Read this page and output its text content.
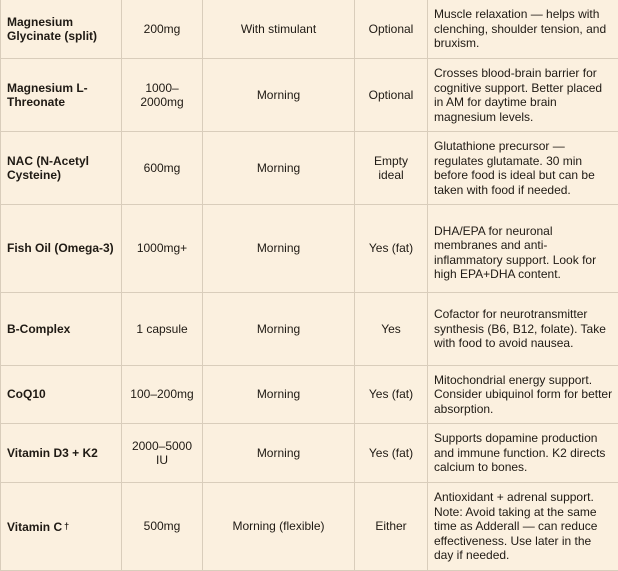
Magnesium Glycinate (split)	200mg	With stimulant	Optional	Muscle relaxation — helps with clenching, shoulder tension, and bruxism.
Magnesium L-Threonate	1000–2000mg	Morning	Optional	Crosses blood-brain barrier for cognitive support. Better placed in AM for daytime brain magnesium levels.
NAC (N-Acetyl Cysteine)	600mg	Morning	Empty ideal	Glutathione precursor — regulates glutamate. 30 min before food is ideal but can be taken with food if needed.
Fish Oil (Omega-3)	1000mg+	Morning	Yes (fat)	DHA/EPA for neuronal membranes and anti-inflammatory support. Look for high EPA+DHA content.
B-Complex	1 capsule	Morning	Yes	Cofactor for neurotransmitter synthesis (B6, B12, folate). Take with food to avoid nausea.
CoQ10	100–200mg	Morning	Yes (fat)	Mitochondrial energy support. Consider ubiquinol form for better absorption.
Vitamin D3 + K2	2000–5000 IU	Morning	Yes (fat)	Supports dopamine production and immune function. K2 directs calcium to bones.
Vitamin C †	500mg	Morning (flexible)	Either	Antioxidant + adrenal support. Note: Avoid taking at the same time as Adderall — can reduce effectiveness. Use later in the day if needed.
